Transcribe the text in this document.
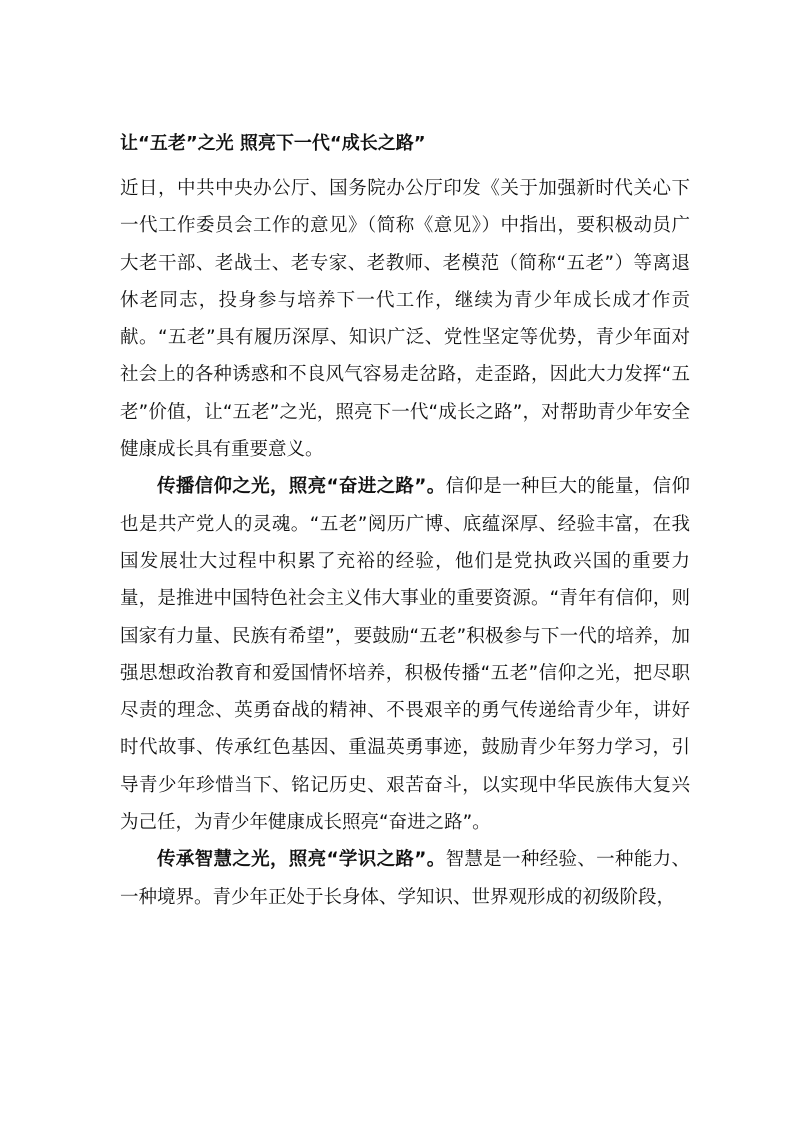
让“五老”之光 照亮下一代“成长之路”

近日，中共中央办公厅、国务院办公厅印发《关于加强新时代关心下一代工作委员会工作的意见》（简称《意见》）中指出，要积极动员广大老干部、老战士、老专家、老教师、老模范（简称“五老”）等离退休老同志，投身参与培养下一代工作，继续为青少年成长成才作贡献。“五老”具有履历深厚、知识广泛、党性坚定等优势，青少年面对社会上的各种诱惑和不良风气容易走岔路，走歪路，因此大力发挥“五老”价值，让“五老”之光，照亮下一代“成长之路”，对帮助青少年安全健康成长具有重要意义。

传播信仰之光，照亮“奋进之路”。信仰是一种巨大的能量，信仰也是共产党人的灵魂。“五老”阅历广博、底蕴深厚、经验丰富，在我国发展壮大过程中积累了充裕的经验，他们是党执政兴国的重要力量，是推进中国特色社会主义伟大事业的重要资源。“青年有信仰，则国家有力量、民族有希望”，要鼓励“五老”积极参与下一代的培养，加强思想政治教育和爱国情怀培养，积极传播“五老”信仰之光，把尽职尽责的理念、英勇奋战的精神、不畏艰辛的勇气传递给青少年，讲好时代故事、传承红色基因、重温英勇事迹，鼓励青少年努力学习，引导青少年珍惜当下、铭记历史、艰苦奋斗，以实现中华民族伟大复兴为己任，为青少年健康成长照亮“奋进之路”。

传承智慧之光，照亮“学识之路”。智慧是一种经验、一种能力、一种境界。青少年正处于长身体、学知识、世界观形成的初级阶段，
